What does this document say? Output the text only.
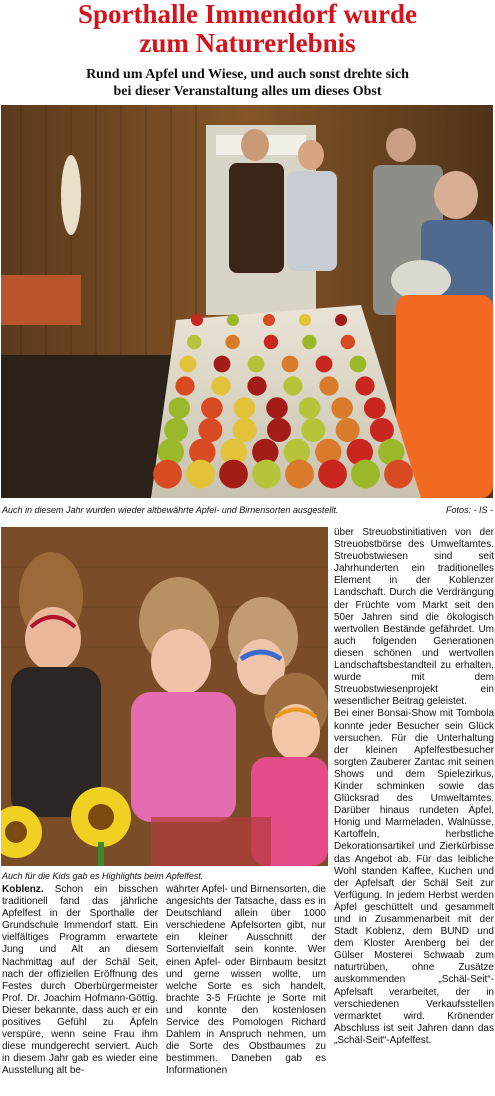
Sporthalle Immendorf wurde
zum Naturerlebnis
Rund um Apfel und Wiese, und auch sonst drehte sich
bei dieser Veranstaltung alles um dieses Obst
Auch in diesem Jahr wurden wieder altbewährte Apfel- und Birnensorten ausgestellt.	Fotos: - IS -
Auch für die Kids gab es Highlights beim Apfelfest.

Koblenz. Schon ein bisschen traditionell fand das jährliche Apfelfest in der Sporthalle der Grundschule Immendorf statt. Ein vielfältiges Programm erwartete Jung und Alt an diesem Nachmittag auf der Schäl Seit, nach der offiziellen Eröffnung des Festes durch Oberbürgermeister Prof. Dr. Joachim Hofmann-Göttig. Dieser bekannte, dass auch er ein positives Gefühl zu Äpfeln verspüre, wenn seine Frau ihm diese mundgerecht serviert. Auch in diesem Jahr gab es wieder eine Ausstellung alt be-

währter Apfel- und Birnensorten, die angesichts der Tatsache, dass es in Deutschland allein über 1000 verschiedene Apfelsorten gibt, nur ein kleiner Ausschnitt der Sortenvielfalt sein konnte. Wer einen Apfel- oder Birnbaum besitzt und gerne wissen wollte, um welche Sorte es sich handelt, brachte 3-5 Früchte je Sorte mit und konnte den kostenlosen Service des Pomologen Richard Dahlem in Anspruch nehmen, um die Sorte des Obstbaumes zu bestimmen. Daneben gab es Informationen

über Streuobstinitiativen von der Streuobstbörse des Umweltamtes. Streuobstwiesen sind seit Jahrhunderten ein traditionelles Element in der Koblenzer Landschaft. Durch die Verdrängung der Früchte vom Markt seit den 50er Jahren sind die ökologisch wertvollen Bestände gefährdet. Um auch folgenden Generationen diesen schönen und wertvollen Landschaftsbestandteil zu erhalten, wurde mit dem Streuobstwiesenprojekt ein wesentlicher Beitrag geleistet.

Bei einer Bonsai-Show mit Tombola konnte jeder Besucher sein Glück versuchen. Für die Unterhaltung der kleinen Apfelfestbesucher sorgten Zauberer Zantac mit seinen Shows und dem Spielezirkus, Kinder schminken sowie das Glücksrad des Umweltamtes. Darüber hinaus rundeten Äpfel, Honig und Marmeladen, Walnüsse, Kartoffeln, herbstliche Dekorationsartikel und Zierkürbisse das Angebot ab. Für das leibliche Wohl standen Kaffee, Kuchen und der Apfelsaft der Schäl Seit zur Verfügung. In jedem Herbst werden Äpfel geschüttelt und gesammelt und in Zusammenarbeit mit der Stadt Koblenz, dem BUND und dem Kloster Arenberg bei der Gülser Mosterei Schwaab zum naturtrüben, ohne Zusätze auskommenden „Schäl-Seit“-Apfelsaft verarbeitet, der in verschiedenen Verkaufsstellen vermarktet wird. Krönender Abschluss ist seit Jahren dann das „Schäl-Seit“-Apfelfest.
